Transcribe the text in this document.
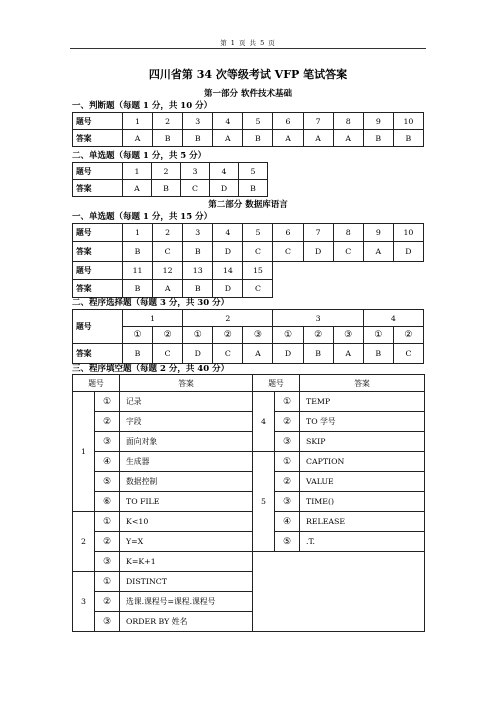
第 1 页 共 5 页
四川省第 34 次等级考试 VFP 笔试答案
第一部分 软件技术基础
一、判断题（每题 1 分，共 10 分）
题号	1	2	3	4	5	6	7	8	9	10
答案	A	B	B	A	B	A	A	A	B	B
二、单选题（每题 1 分，共 5 分）
题号	1	2	3	4	5
答案	A	B	C	D	B
第二部分 数据库语言
一、单选题（每题 1 分，共 15 分）
题号	1	2	3	4	5	6	7	8	9	10
答案	B	C	B	D	C	C	D	C	A	D
题号	11	12	13	14	15					
答案	B	A	B	D	C					
二、程序选择题（每题 3 分，共 30 分）
题号	1		2			3			4	
	①	②	①	②	③	①	②	③	①	②
答案	B	C	D	C	A	D	B	A	B	C
三、程序填空题（每题 2 分，共 40 分）
题号		答案	题号		答案
1	①	记录	4	①	TEMP
	②	字段		②	TO 学号
	③	面向对象		③	SKIP
	④	生成器	5	①	CAPTION
	⑤	数据控制		②	VALUE
	⑥	TO FILE		③	TIME()
2	①	K<10		④	RELEASE
	②	Y=X		⑤	.T.
	③	K=K+1			
3	①	DISTINCT			
	②	选课.课程号=课程.课程号			
	③	ORDER BY 姓名			
